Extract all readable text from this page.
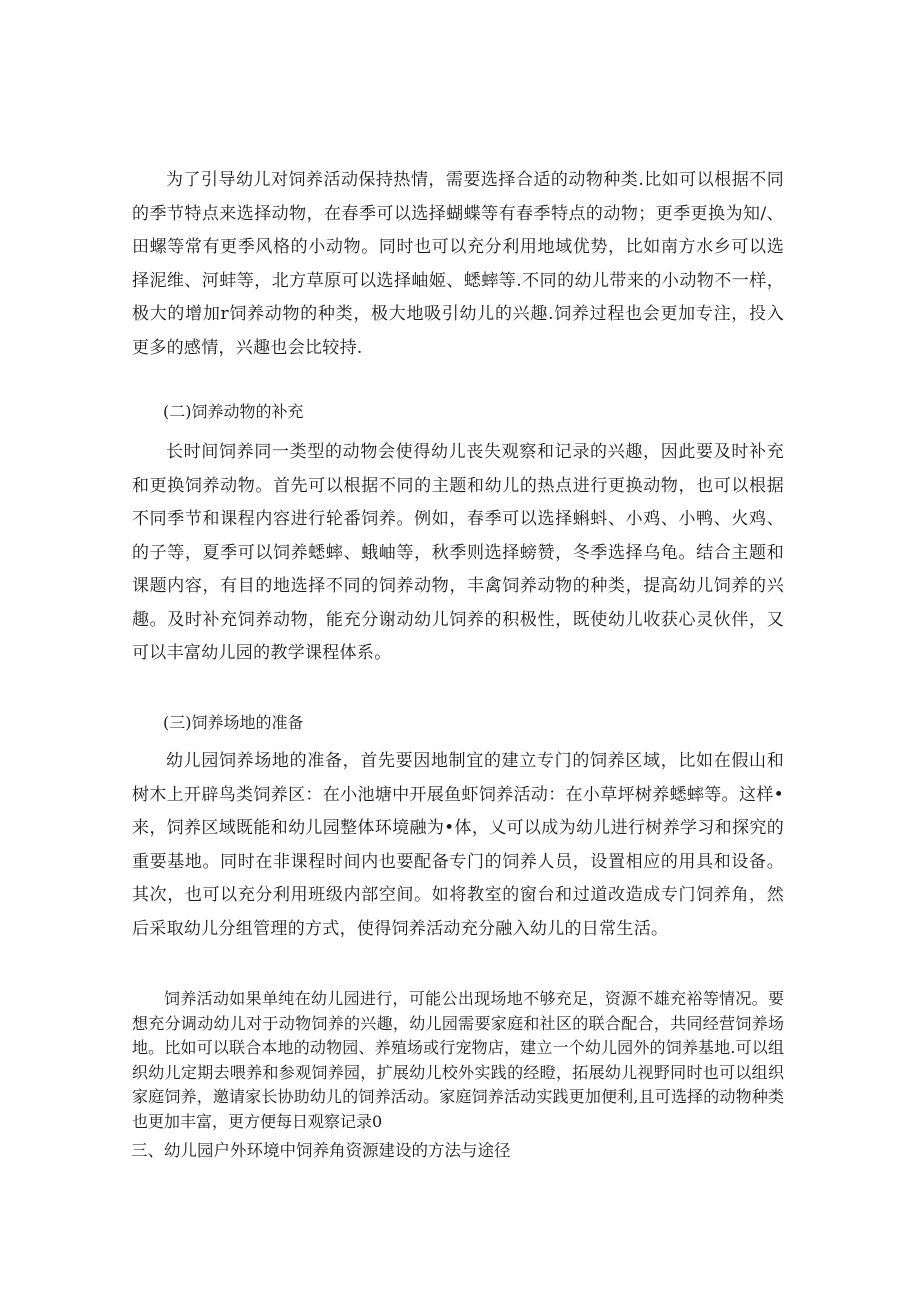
为了引导幼儿对饲养活动保持热情，需要选择合适的动物种类.比如可以根据不同的季节特点来选择动物，在春季可以选择蝴蝶等有春季特点的动物；更季更换为知/、田螺等常有更季风格的小动物。同时也可以充分利用地域优势，比如南方水乡可以选择泥维、河蚌等，北方草原可以选择岫姬、蟋蟀等.不同的幼儿带来的小动物不一样，极大的增加r饲养动物的种类，极大地吸引幼儿的兴趣.饲养过程也会更加专注，投入更多的感情，兴趣也会比较持.

(二)饲养动物的补充

长时间饲养同一类型的动物会使得幼儿丧失观察和记录的兴趣，因此要及时补充和更换饲养动物。首先可以根据不同的主题和幼儿的热点进行更换动物，也可以根据不同季节和课程内容进行轮番饲养。例如，春季可以选择蝌蚪、小鸡、小鸭、火鸡、的子等，夏季可以饲养蟋蟀、蛾岫等，秋季则选择螃赞，冬季选择乌龟。结合主题和课题内容，有目的地选择不同的饲养动物，丰禽饲养动物的种类，提高幼儿饲养的兴趣。及时补充饲养动物，能充分谢动幼儿饲养的积极性，既使幼儿收获心灵伙伴，又可以丰富幼儿园的教学课程体系。

(三)饲养场地的准备

幼儿园饲养场地的准备，首先要因地制宜的建立专门的饲养区域，比如在假山和树木上开辟鸟类饲养区：在小池塘中开展鱼虾饲养活动：在小草坪树养蟋蟀等。这样•来，饲养区域既能和幼儿园整体环境融为•体，乂可以成为幼儿进行树养学习和探究的重要基地。同时在非课程时间内也要配备专门的饲养人员，设置相应的用具和设备。其次，也可以充分利用班级内部空间。如将教室的窗台和过道改造成专门饲养角，然后采取幼儿分组管理的方式，使得饲养活动充分融入幼儿的日常生活。

饲养活动如果单纯在幼儿园进行，可能公出现场地不够充足，资源不雄充裕等情况。要想充分调动幼儿对于动物饲养的兴趣，幼儿园需要家庭和社区的联合配合，共同经营饲养场地。比如可以联合本地的动物园、养殖场或行宠物店，建立一个幼儿园外的饲养基地.可以组织幼儿定期去喂养和参观饲养园，扩展幼儿校外实践的经瞪，拓展幼儿视野同时也可以组织家庭饲养，邀请家长协助幼儿的饲养活动。家庭饲养活动实践更加便利,且可选择的动物种类也更加丰富，更方便每日观察记录0

三、幼儿园户外环境中饲养角资源建设的方法与途径
